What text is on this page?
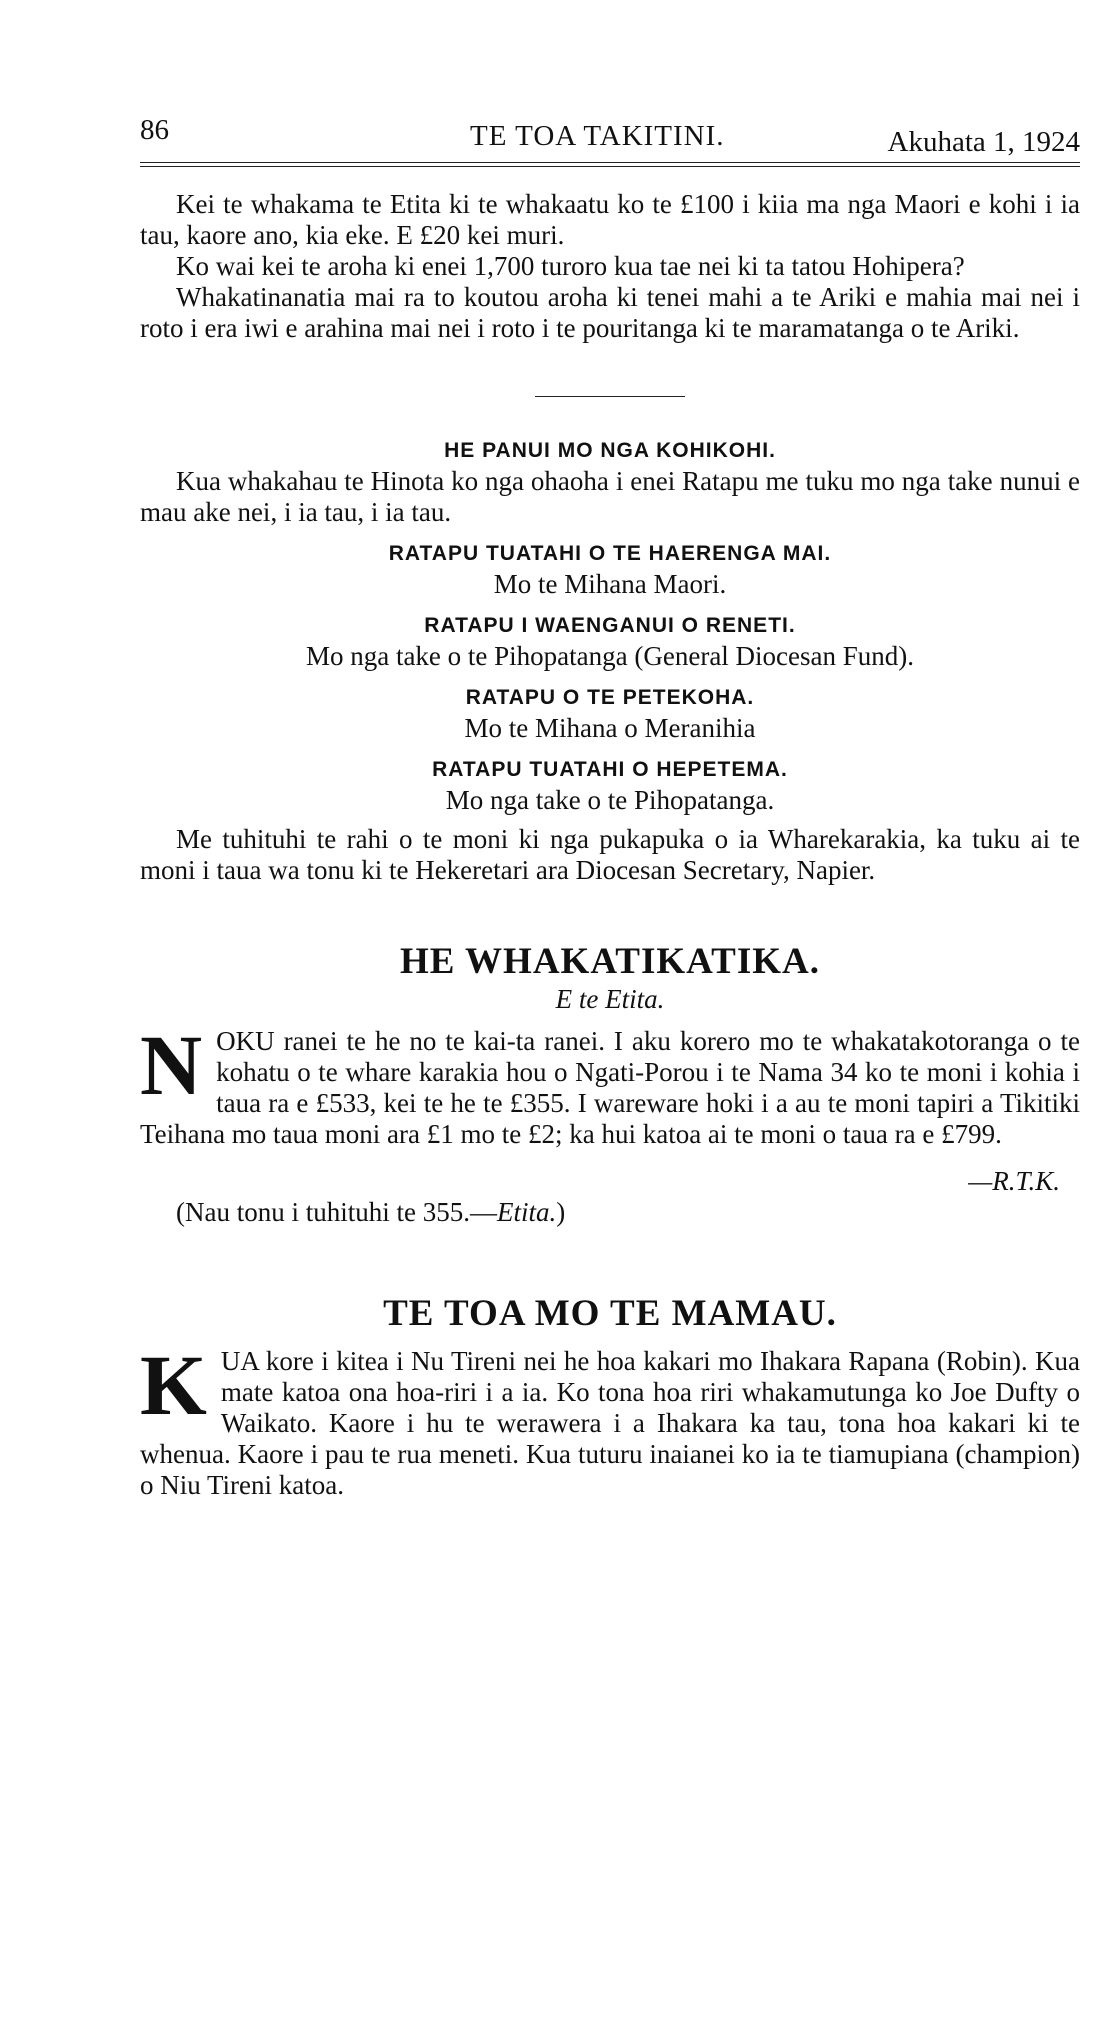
86	TE TOA TAKITINI.	Akuhata 1, 1924

Kei te whakama te Etita ki te whakaatu ko te £100 i kiia ma nga Maori e kohi i ia tau, kaore ano, kia eke. E £20 kei muri.

Ko wai kei te aroha ki enei 1,700 turoro kua tae nei ki ta tatou Hohipera?

Whakatinanatia mai ra to koutou aroha ki tenei mahi a te Ariki e mahia mai nei i roto i era iwi e arahina mai nei i roto i te pouritanga ki te maramatanga o te Ariki.

HE PANUI MO NGA KOHIKOHI.

Kua whakahau te Hinota ko nga ohaoha i enei Ratapu me tuku mo nga take nunui e mau ake nei, i ia tau, i ia tau.

RATAPU TUATAHI O TE HAERENGA MAI.

Mo te Mihana Maori.

RATAPU I WAENGANUI O RENETI.

Mo nga take o te Pihopatanga (General Diocesan Fund).

RATAPU O TE PETEKOHA.

Mo te Mihana o Meranihia

RATAPU TUATAHI O HEPETEMA.

Mo nga take o te Pihopatanga.

Me tuhituhi te rahi o te moni ki nga pukapuka o ia Wharekarakia, ka tuku ai te moni i taua wa tonu ki te Hekeretari ara Diocesan Secretary, Napier.

HE WHAKATIKATIKA.
E te Etita.
N OKU ranei te he no te kai-ta ranei. I aku korero mo te whakatakotoranga o te kohatu o te whare karakia hou o Ngati-Porou i te Nama 34 ko te moni i kohia i taua ra e £533, kei te he te £355. I wareware hoki i a au te moni tapiri a Tikitiki Teihana mo taua moni ara £1 mo te £2; ka hui katoa ai te moni o taua ra e £799.

—R.T.K.

(Nau tonu i tuhituhi te 355.—Etita.)

TE TOA MO TE MAMAU.
K UA kore i kitea i Nu Tireni nei he hoa kakari mo Ihakara Rapana (Robin). Kua mate katoa ona hoa-riri i a ia. Ko tona hoa riri whakamutunga ko Joe Dufty o Waikato. Kaore i hu te werawera i a Ihakara ka tau, tona hoa kakari ki te whenua. Kaore i pau te rua meneti. Kua tuturu inaianei ko ia te tiamupiana (champion) o Niu Tireni katoa.
